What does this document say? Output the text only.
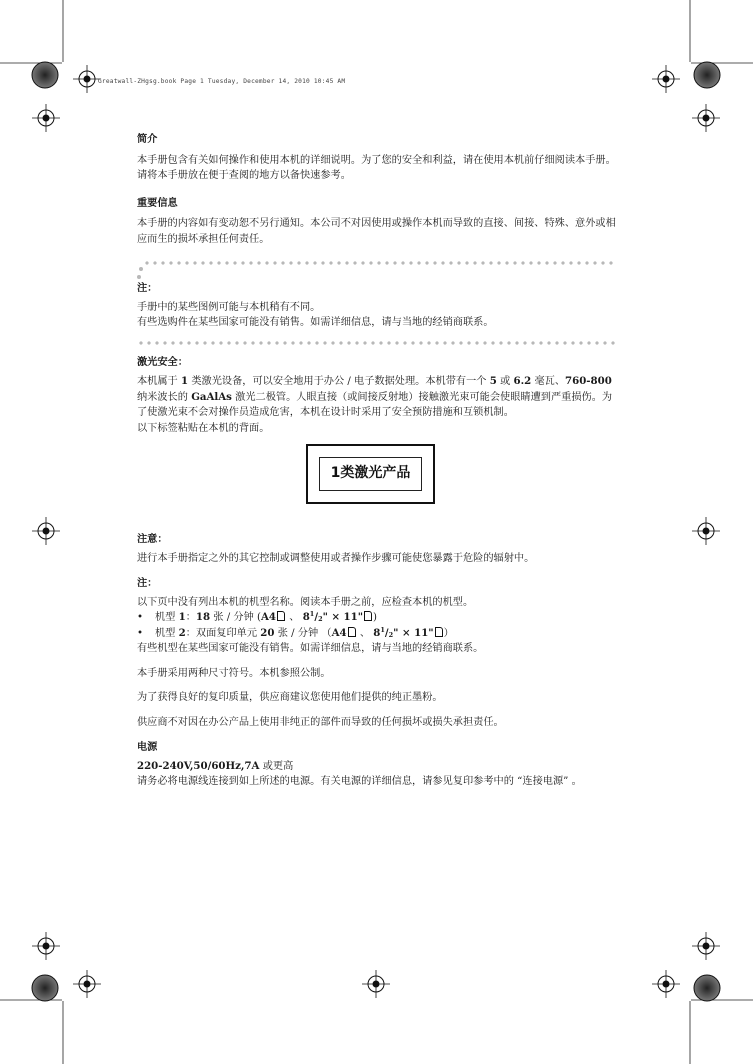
Greatwall-ZHgsg.book Page 1 Tuesday, December 14, 2010 10:45 AM

简介

本手册包含有关如何操作和使用本机的详细说明。为了您的安全和利益，请在使用本机前仔细阅读本手册。请将本手册放在便于查阅的地方以备快速参考。

重要信息

本手册的内容如有变动恕不另行通知。本公司不对因使用或操作本机而导致的直接、间接、特殊、意外或相应而生的损坏承担任何责任。

注：

手册中的某些图例可能与本机稍有不同。

有些选购件在某些国家可能没有销售。如需详细信息，请与当地的经销商联系。

激光安全：

本机属于 1 类激光设备，可以安全地用于办公 / 电子数据处理。本机带有一个 5 或 6.2 毫瓦、760-800 纳米波长的 GaAlAs 激光二极管。人眼直接（或间接反射地）接触激光束可能会使眼睛遭到严重损伤。为了使激光束不会对操作员造成危害，本机在设计时采用了安全预防措施和互锁机制。

以下标签粘贴在本机的背面。

1类激光产品

注意：

进行本手册指定之外的其它控制或调整使用或者操作步骤可能使您暴露于危险的辐射中。

注：

以下页中没有列出本机的机型名称。阅读本手册之前，应检查本机的机型。

•	机型 1：18 张 / 分钟 (A4 、 $8^1/_2$" × 11" )
•	机型 2：双面复印单元 20 张 / 分钟 （A4 、 $8^1/_2$" × 11" ）

有些机型在某些国家可能没有销售。如需详细信息，请与当地的经销商联系。

本手册采用两种尺寸符号。本机参照公制。

为了获得良好的复印质量，供应商建议您使用他们提供的纯正墨粉。

供应商不对因在办公产品上使用非纯正的部件而导致的任何损坏或损失承担责任。

电源

220-240V,50/60Hz,7A 或更高

请务必将电源线连接到如上所述的电源。有关电源的详细信息，请参见复印参考中的 “连接电源” 。
